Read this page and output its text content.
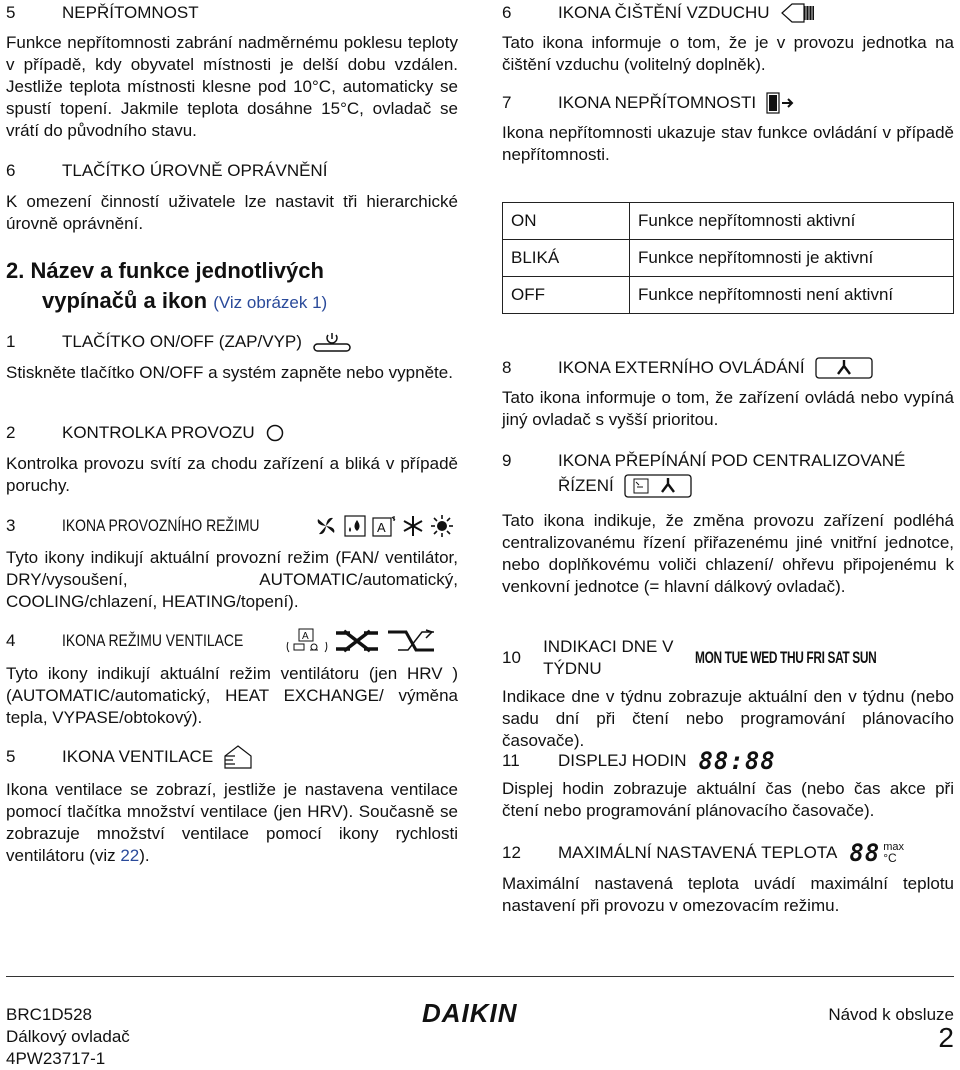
5	NEPŘÍTOMNOST

Funkce nepřítomnosti zabrání nadměrnému poklesu teploty v případě, kdy obyvatel místnosti je delší dobu vzdálen. Jestliže teplota místnosti klesne pod 10°C, automaticky se spustí topení. Jakmile teplota dosáhne 15°C, ovladač se vrátí do původního stavu.

6	TLAČÍTKO ÚROVNĚ OPRÁVNĚNÍ

K omezení činností uživatele lze nastavit tři hierarchické úrovně oprávnění.

2. Název a funkce jednotlivých
vypínačů a ikon (Viz obrázek 1)

1	TLAČÍTKO ON/OFF (ZAP/VYP)

Stiskněte tlačítko ON/OFF a systém zapněte nebo vypněte.

2	KONTROLKA PROVOZU

Kontrolka provozu svítí za chodu zařízení a bliká v případě poruchy.

3	IKONA PROVOZNÍHO REŽIMU	A

Tyto ikony indikují aktuální provozní režim (FAN/ ventilátor, DRY/vysoušení, AUTOMATIC/automatický, COOLING/chlazení, HEATING/topení).

4	IKONA REŽIMU VENTILACE	A

Tyto ikony indikují aktuální režim ventilátoru (jen HRV ) (AUTOMATIC/automatický, HEAT EXCHANGE/ výměna tepla, VYPASE/obtokový).

5	IKONA VENTILACE

Ikona ventilace se zobrazí, jestliže je nastavena ventilace pomocí tlačítka množství ventilace (jen HRV). Současně se zobrazuje množství ventilace pomocí ikony rychlosti ventilátoru (viz 22).

6	IKONA ČIŠTĚNÍ VZDUCHU

Tato ikona informuje o tom, že je v provozu jednotka na čištění vzduchu (volitelný doplněk).

7	IKONA NEPŘÍTOMNOSTI

Ikona nepřítomnosti ukazuje stav funkce ovládání v případě nepřítomnosti.

ON	Funkce nepřítomnosti aktivní
BLIKÁ	Funkce nepřítomnosti je aktivní
OFF	Funkce nepřítomnosti není aktivní

8	IKONA EXTERNÍHO OVLÁDÁNÍ

Tato ikona informuje o tom, že zařízení ovládá nebo vypíná jiný ovladač s vyšší prioritou.

9	IKONA PŘEPÍNÁNÍ POD CENTRALIZOVANÉ

ŘÍZENÍ

Tato ikona indikuje, že změna provozu zařízení podléhá centralizovanému řízení přiřazenému jiné vnitřní jednotce, nebo doplňkovému voliči chlazení/ ohřevu připojenému k venkovní jednotce (= hlavní dálkový ovladač).

10
INDIKACI DNE V TÝDNU
MON TUE WED THU FRI SAT SUN

Indikace dne v týdnu zobrazuje aktuální den v týdnu (nebo sadu dní při čtení nebo programování plánovacího časovače).

11	DISPLEJ HODIN 88:88

Displej hodin zobrazuje aktuální čas (nebo čas akce při čtení nebo programování plánovacího časovače).

12	MAXIMÁLNÍ NASTAVENÁ TEPLOTA 88 max
°C

Maximální nastavená teplota uvádí maximální teplotu nastavení při provozu v omezovacím režimu.

BRC1D528
Dálkový ovladač
4PW23717-1
DAIKIN	Návod k obsluze
2
